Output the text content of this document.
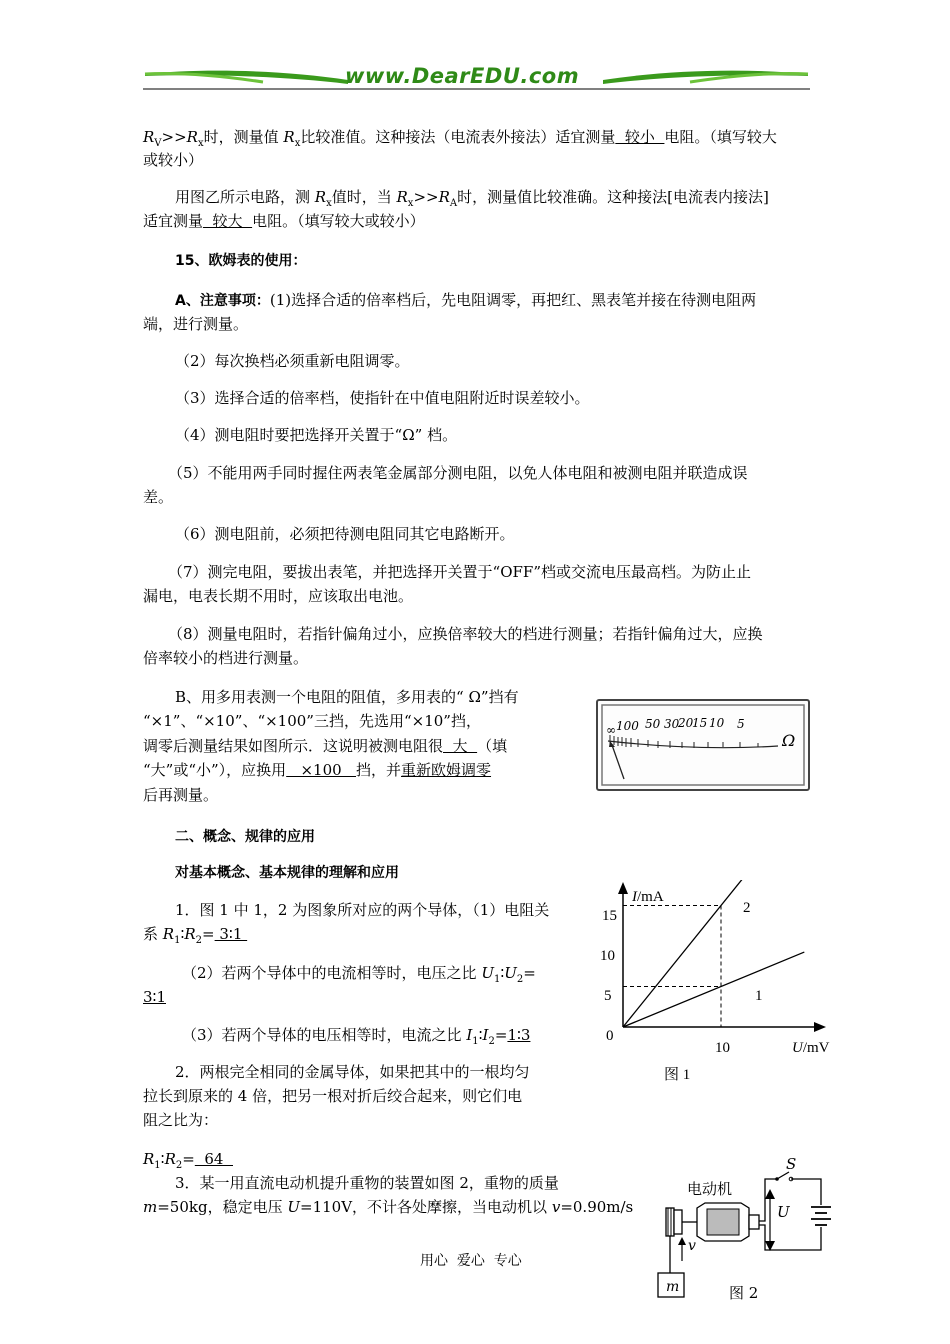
www.DearEDU.com
$R_V>>R_x$时，测量值 $R_x$比较准值。这种接法（电流表外接法）适宜测量  较小  电阻。（填写较大
或较小）
用图乙所示电路，测 $R_x$值时，当 $R_x>>R_A$时，测量值比较准确。这种接法[电流表内接法]
适宜测量  较大  电阻。（填写较大或较小）
15、欧姆表的使用：
A、注意事项：(1)选择合适的倍率档后，先电阻调零，再把红、黑表笔并接在待测电阻两
端，进行测量。
（2）每次换档必须重新电阻调零。
（3）选择合适的倍率档，使指针在中值电阻附近时误差较小。
（4）测电阻时要把选择开关置于“Ω” 档。
（5）不能用两手同时握住两表笔金属部分测电阻，以免人体电阻和被测电阻并联造成误
差。
（6）测电阻前，必须把待测电阻同其它电路断开。
（7）测完电阻，要拔出表笔，并把选择开关置于“OFF”档或交流电压最高档。为防止止
漏电，电表长期不用时，应该取出电池。
（8）测量电阻时，若指针偏角过小，应换倍率较大的档进行测量；若指针偏角过大，应换
倍率较小的档进行测量。
B、用多用表测一个电阻的阻值，多用表的“ Ω”挡有
“×1”、“×10”、“×100”三挡，先选用“×10”挡，
调零后测量结果如图所示．这说明被测电阻很  大  （填
“大”或“小”），应换用   ×100   挡，并重新欧姆调零
后再测量。
∞ 100 50 30
20
15 10 5
Ω
二、概念、规律的应用
对基本概念、基本规律的理解和应用
1．图 1 中 1，2 为图象所对应的两个导体，（1）电阻关
系 $R_1∶R_2=$ 3∶1
（2）若两个导体中的电流相等时，电压之比 $U_1∶U_2=$
3∶1
（3）若两个导体的电压相等时，电流之比 $I_1∶I_2=1∶3$
I/mA
U/mV
15
10
5
0
10
2
1
图 1
2．两根完全相同的金属导体，如果把其中的一根均匀
拉长到原来的 4 倍，把另一根对折后绞合起来，则它们电
阻之比为：
$R_1∶R_2= 64$
3．某一用直流电动机提升重物的装置如图 2，重物的质量
m=50kg，稳定电压 U=110V，不计各处摩擦，当电动机以 v=0.90m/s
电动机
S
U
v
m	图 2
用心  爱心  专心
